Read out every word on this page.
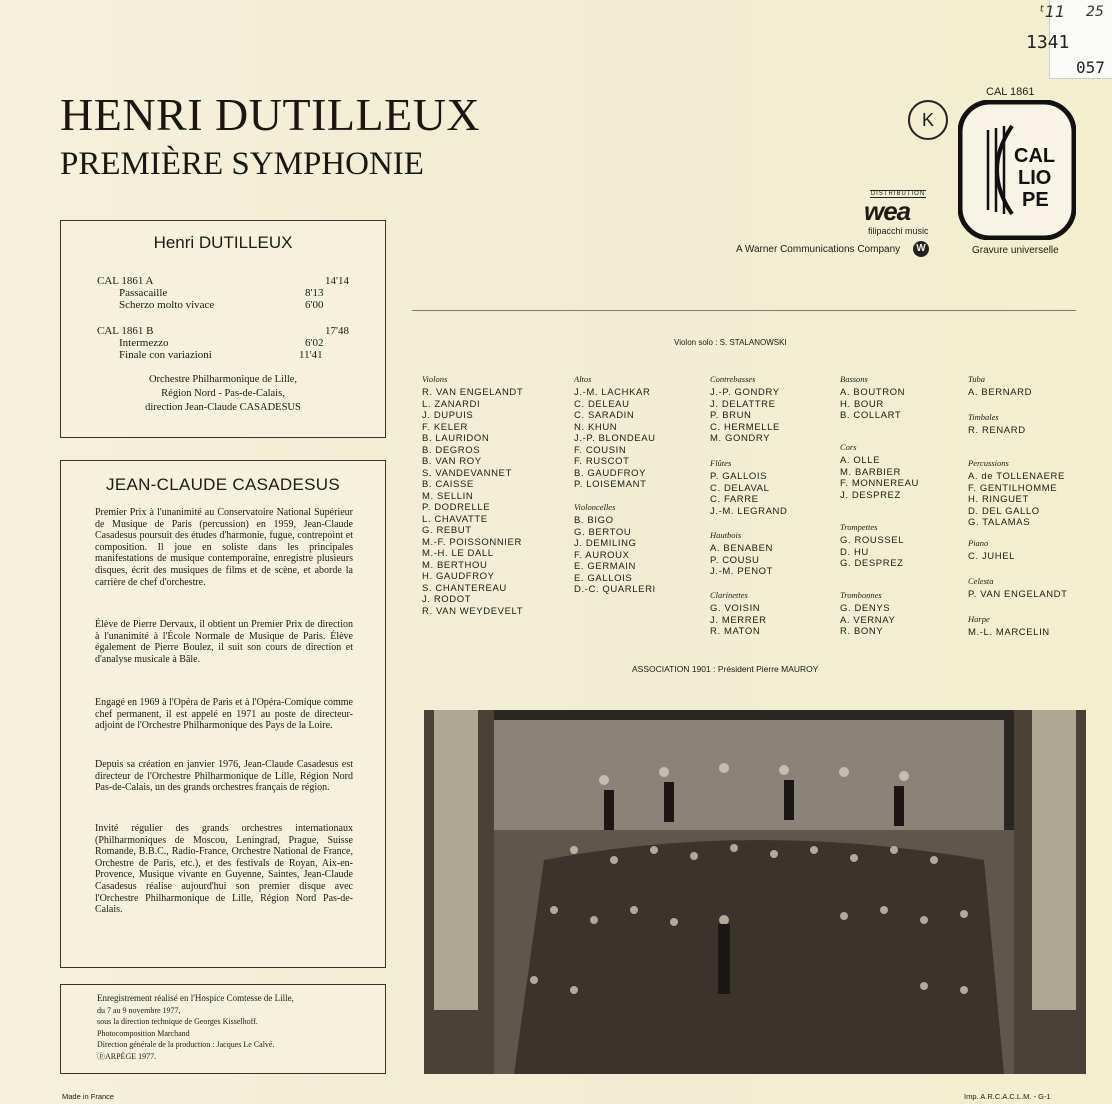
ᵗ11 25
1341
057
HENRI DUTILLEUX
PREMIÈRE SYMPHONIE
K
CAL 1861
CAL
LIO
PE
Gravure universelle
DISTRIBUTION
wea
filipacchi music
A Warner Communications Company	W
Henri DUTILLEUX
CAL 1861 A	14'14
Passacaille	8'13
Scherzo molto vivace	6'00
CAL 1861 B	17'48
Intermezzo	6'02
Finale con variazioni	11'41
Orchestre Philharmonique de Lille,
Région Nord - Pas-de-Calais,
direction Jean-Claude CASADESUS
JEAN-CLAUDE CASADESUS
Premier Prix à l'unanimité au Conservatoire National Supérieur de Musique de Paris (percussion) en 1959, Jean-Claude Casadesus poursuit des études d'harmonie, fugue, contrepoint et composition. Il joue en soliste dans les principales manifestations de musique contemporaine, enregistre plusieurs disques, écrit des musiques de films et de scène, et aborde la carrière de chef d'orchestre.
Élève de Pierre Dervaux, il obtient un Premier Prix de direction à l'unanimité à l'École Normale de Musique de Paris. Élève également de Pierre Boulez, il suit son cours de direction et d'analyse musicale à Bâle.
Engagé en 1969 à l'Opéra de Paris et à l'Opéra-Comique comme chef permanent, il est appelé en 1971 au poste de directeur-adjoint de l'Orchestre Philharmonique des Pays de la Loire.
Depuis sa création en janvier 1976, Jean-Claude Casadesus est directeur de l'Orchestre Philharmonique de Lille, Région Nord Pas-de-Calais, un des grands orchestres français de région.
Invité régulier des grands orchestres internationaux (Philharmoniques de Moscou, Leningrad, Prague, Suisse Romande, B.B.C., Radio-France, Orchestre National de France, Orchestre de Paris, etc.), et des festivals de Royan, Aix-en-Provence, Musique vivante en Guyenne, Saintes, Jean-Claude Casadesus réalise aujourd'hui son premier disque avec l'Orchestre Philharmonique de Lille, Région Nord Pas-de-Calais.
Enregistrement réalisé en l'Hospice Comtesse de Lille,
du 7 au 9 novembre 1977,
sous la direction technique de Georges Kisselhoff.
Photocomposition Marchand
Direction générale de la production : Jacques Le Calvé.
ⓟARPÈGE 1977.
Violon solo : S. STALANOWSKI
Violons
R. VAN ENGELANDT
L. ZANARDI
J. DUPUIS
F. KELER
B. LAURIDON
B. DEGROS
B. VAN ROY
S. VANDEVANNET
B. CAISSE
M. SELLIN
P. DODRELLE
L. CHAVATTE
G. REBUT
M.-F. POISSONNIER
M.-H. LE DALL
M. BERTHOU
H. GAUDFROY
S. CHANTEREAU
J. RODOT
R. VAN WEYDEVELT
Altos
J.-M. LACHKAR
C. DELEAU
C. SARADIN
N. KHUN
J.-P. BLONDEAU
F. COUSIN
F. RUSCOT
B. GAUDFROY
P. LOISEMANT
Violoncelles
B. BIGO
G. BERTOU
J. DEMILING
F. AUROUX
E. GERMAIN
E. GALLOIS
D.-C. QUARLERI
Contrebasses
J.-P. GONDRY
J. DELATTRE
P. BRUN
C. HERMELLE
M. GONDRY
Flûtes
P. GALLOIS
C. DELAVAL
C. FARRE
J.-M. LEGRAND
Hautbois
A. BENABEN
P. COUSU
J.-M. PENOT
Clarinettes
G. VOISIN
J. MERRER
R. MATON
Bassons
A. BOUTRON
H. BOUR
B. COLLART
Cors
A. OLLE
M. BARBIER
F. MONNEREAU
J. DESPREZ
Trompettes
G. ROUSSEL
D. HU
G. DESPREZ
Trombonnes
G. DENYS
A. VERNAY
R. BONY
Tuba
A. BERNARD
Timbales
R. RENARD
Percussions
A. de TOLLENAERE
F. GENTILHOMME
H. RINGUET
D. DEL GALLO
G. TALAMAS
Piano
C. JUHEL
Celesta
P. VAN ENGELANDT
Harpe
M.-L. MARCELIN
ASSOCIATION 1901 : Président Pierre MAUROY
Made in France	Imp. A.R.C.A.C.L.M. - G-1
